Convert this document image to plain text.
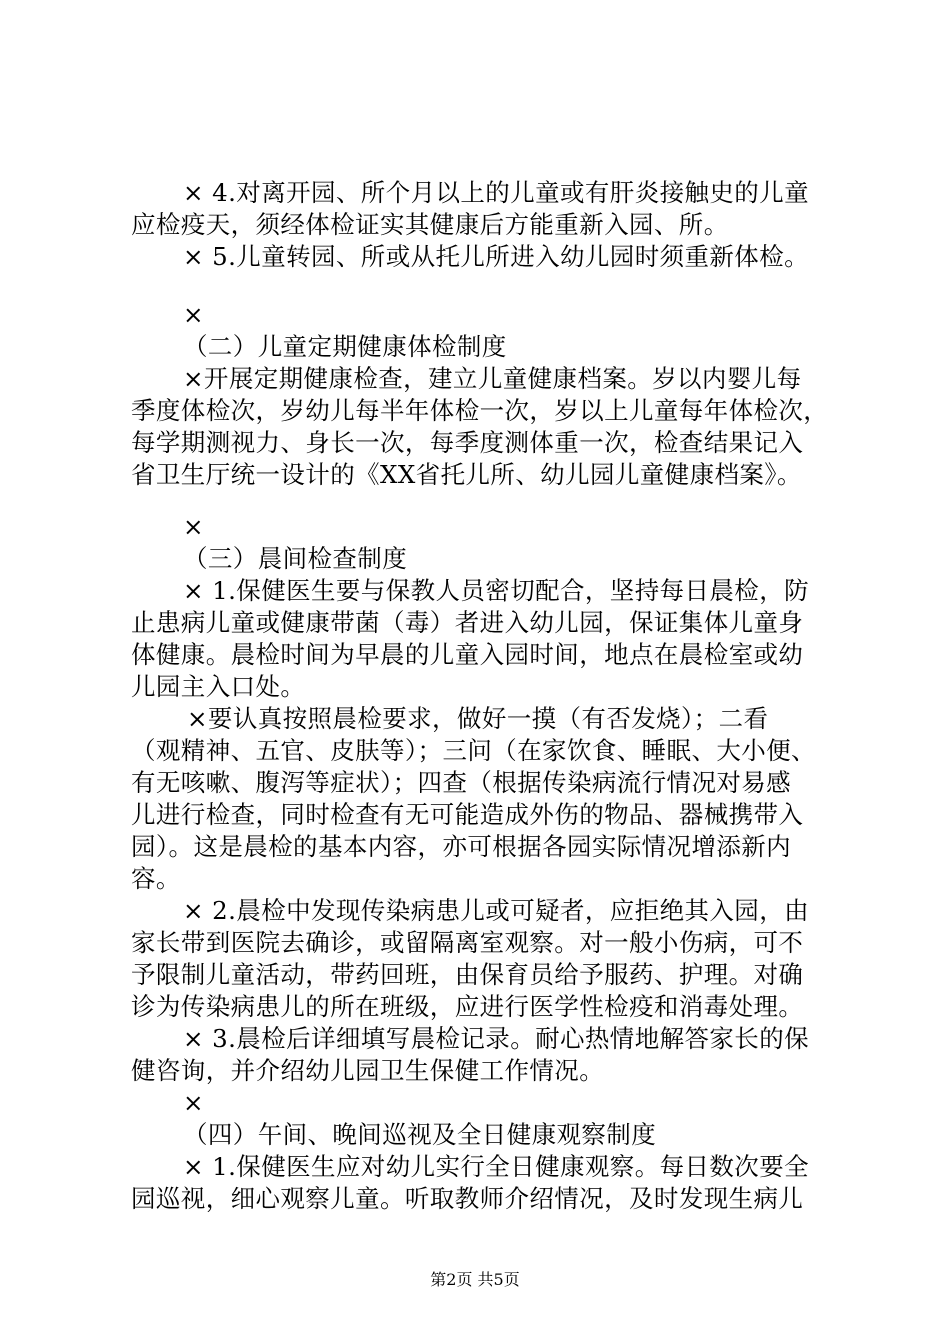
× 4.对离开园、所个月以上的儿童或有肝炎接触史的儿童
应检疫天，须经体检证实其健康后方能重新入园、所。
× 5.儿童转园、所或从托儿所进入幼儿园时须重新体检。
×
（二）儿童定期健康体检制度
×开展定期健康检查，建立儿童健康档案。岁以内婴儿每
季度体检次，岁幼儿每半年体检一次，岁以上儿童每年体检次，
每学期测视力、身长一次，每季度测体重一次，检查结果记入
省卫生厅统一设计的《XX省托儿所、幼儿园儿童健康档案》。
×
（三）晨间检查制度
× 1.保健医生要与保教人员密切配合，坚持每日晨检，防
止患病儿童或健康带菌（毒）者进入幼儿园，保证集体儿童身
体健康。晨检时间为早晨的儿童入园时间，地点在晨检室或幼
儿园主入口处。
×要认真按照晨检要求，做好一摸（有否发烧）；二看
（观精神、五官、皮肤等）；三问（在家饮食、睡眠、大小便、
有无咳嗽、腹泻等症状）；四查（根据传染病流行情况对易感
儿进行检查，同时检查有无可能造成外伤的物品、器械携带入
园）。这是晨检的基本内容，亦可根据各园实际情况增添新内
容。
× 2.晨检中发现传染病患儿或可疑者，应拒绝其入园，由
家长带到医院去确诊，或留隔离室观察。对一般小伤病，可不
予限制儿童活动，带药回班，由保育员给予服药、护理。对确
诊为传染病患儿的所在班级，应进行医学性检疫和消毒处理。
× 3.晨检后详细填写晨检记录。耐心热情地解答家长的保
健咨询，并介绍幼儿园卫生保健工作情况。
×
（四）午间、晚间巡视及全日健康观察制度
× 1.保健医生应对幼儿实行全日健康观察。每日数次要全
园巡视，细心观察儿童。听取教师介绍情况，及时发现生病儿
第2页 共5页
